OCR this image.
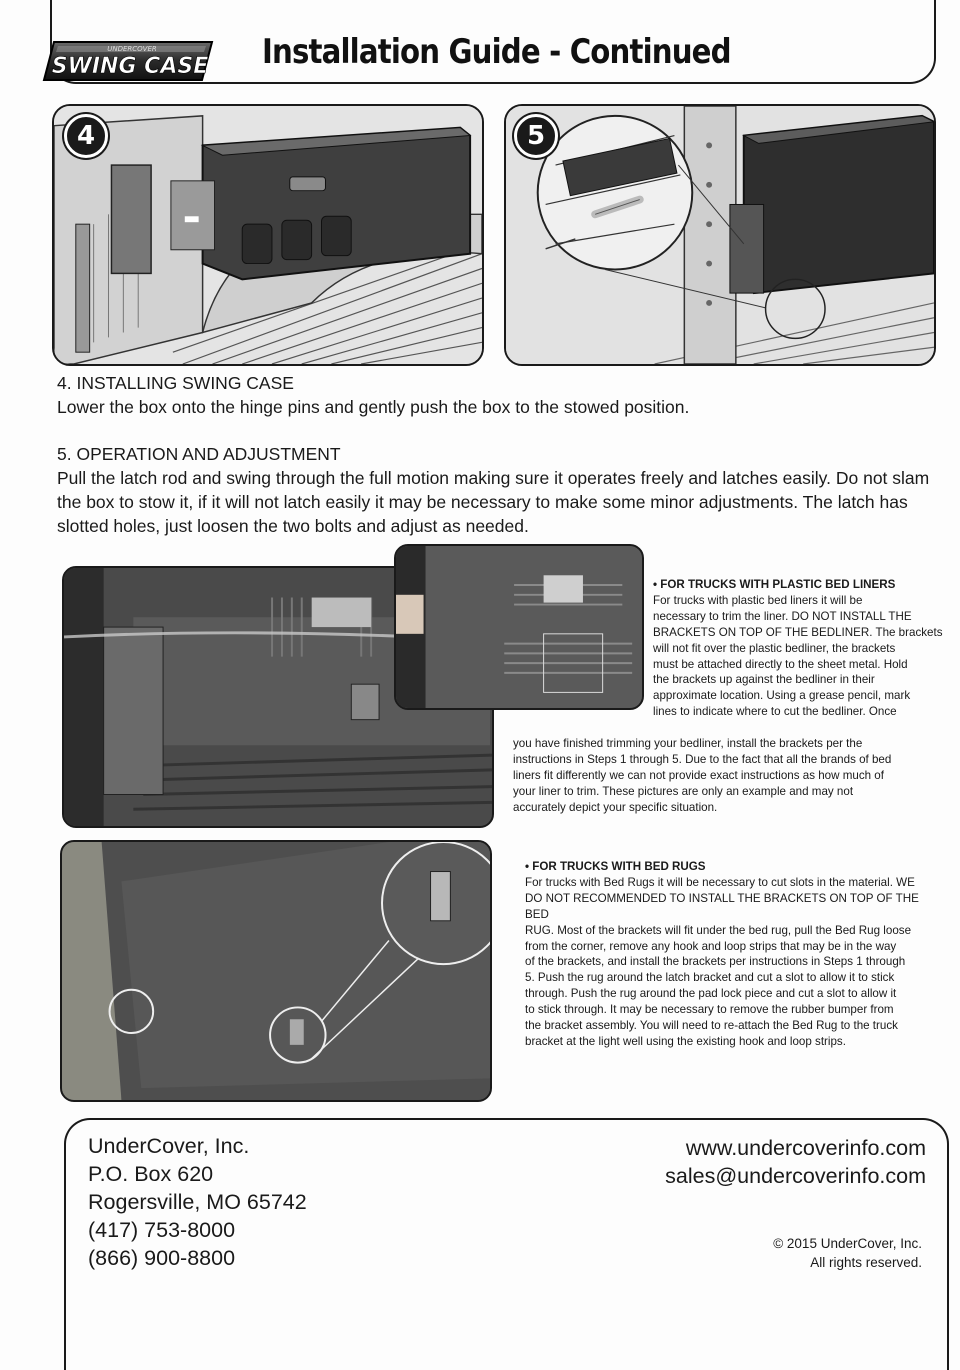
UNDERCOVER
SWING CASE Installation Guide - Continued
4	5

4. INSTALLING SWING CASE

Lower the box onto the hinge pins and gently push the box to the stowed position.

5. OPERATION AND ADJUSTMENT

Pull the latch rod and swing through the full motion making sure it operates freely and latches easily. Do not slam the box to stow it, if it will not latch easily it may be necessary to make some minor adjustments. The latch has slotted holes, just loosen the two bolts and adjust as needed.

• FOR TRUCKS WITH PLASTIC BED LINERS
For trucks with plastic bed liners it will be
necessary to trim the liner. DO NOT INSTALL THE
BRACKETS ON TOP OF THE BEDLINER. The brackets
will not fit over the plastic bedliner, the brackets
must be attached directly to the sheet metal. Hold
the brackets up against the bedliner in their
approximate location. Using a grease pencil, mark
lines to indicate where to cut the bedliner. Once
you have finished trimming your bedliner, install the brackets per the
instructions in Steps 1 through 5. Due to the fact that all the brands of bed
liners fit differently we can not provide exact instructions as how much of
your liner to trim. These pictures are only an example and may not
accurately depict your specific situation.
• FOR TRUCKS WITH BED RUGS
For trucks with Bed Rugs it will be necessary to cut slots in the material. WE
DO NOT RECOMMENDED TO INSTALL THE BRACKETS ON TOP OF THE BED
RUG. Most of the brackets will fit under the bed rug, pull the Bed Rug loose
from the corner, remove any hook and loop strips that may be in the way
of the brackets, and install the brackets per instructions in Steps 1 through
5. Push the rug around the latch bracket and cut a slot to allow it to stick
through. Push the rug around the pad lock piece and cut a slot to allow it
to stick through. It may be necessary to remove the rubber bumper from
the bracket assembly. You will need to re-attach the Bed Rug to the truck
bracket at the light well using the existing hook and loop strips.
UnderCover, Inc.
P.O. Box 620
Rogersville, MO 65742
(417) 753-8000
(866) 900-8800
www.undercoverinfo.com
sales@undercoverinfo.com
© 2015 UnderCover, Inc.
All rights reserved.
